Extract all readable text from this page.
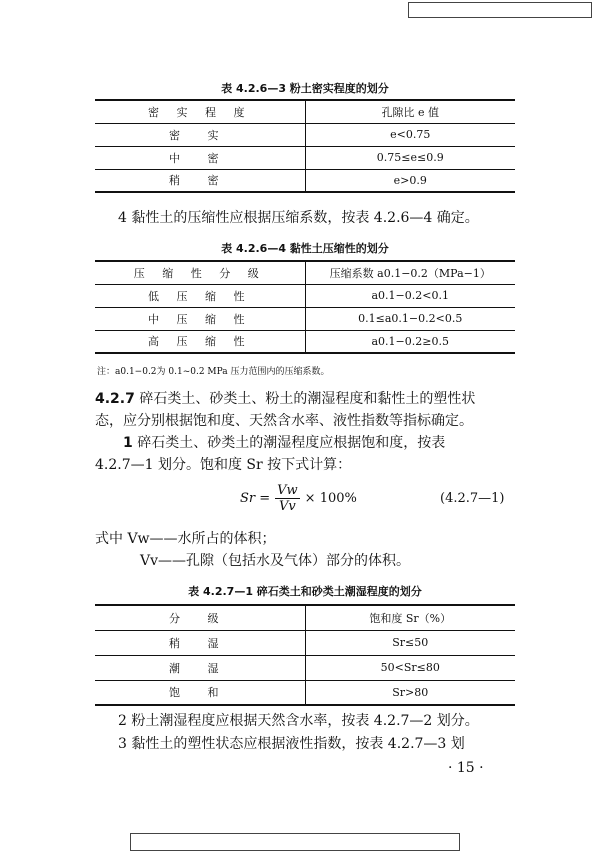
表 4.2.6—3 粉土密实程度的划分
密 实 程 度	孔隙比 e 值
密 实	e<0.75
中 密	0.75≤e≤0.9
稍 密	e>0.9
4 黏性土的压缩性应根据压缩系数，按表 4.2.6—4 确定。
表 4.2.6—4 黏性土压缩性的划分
压 缩 性 分 级	压缩系数 a0.1−0.2（MPa−1）
低 压 缩 性	a0.1−0.2<0.1
中 压 缩 性	0.1≤a0.1−0.2<0.5
高 压 缩 性	a0.1−0.2≥0.5
注：a0.1−0.2为 0.1~0.2 MPa 压力范围内的压缩系数。
4.2.7 碎石类土、砂类土、粉土的潮湿程度和黏性土的塑性状
态，应分别根据饱和度、天然含水率、液性指数等指标确定。
1 碎石类土、砂类土的潮湿程度应根据饱和度，按表
4.2.7—1 划分。饱和度 Sr 按下式计算：
$Sr = \frac{Vw}{Vv} \times 100\%$	(4.2.7—1)
式中 Vw——水所占的体积；
Vv——孔隙（包括水及气体）部分的体积。
表 4.2.7—1 碎石类土和砂类土潮湿程度的划分
分 级	饱和度 Sr（%）
稍 湿	Sr≤50
潮 湿	50<Sr≤80
饱 和	Sr>80
2 粉土潮湿程度应根据天然含水率，按表 4.2.7—2 划分。
3 黏性土的塑性状态应根据液性指数，按表 4.2.7—3 划
· 15 ·
